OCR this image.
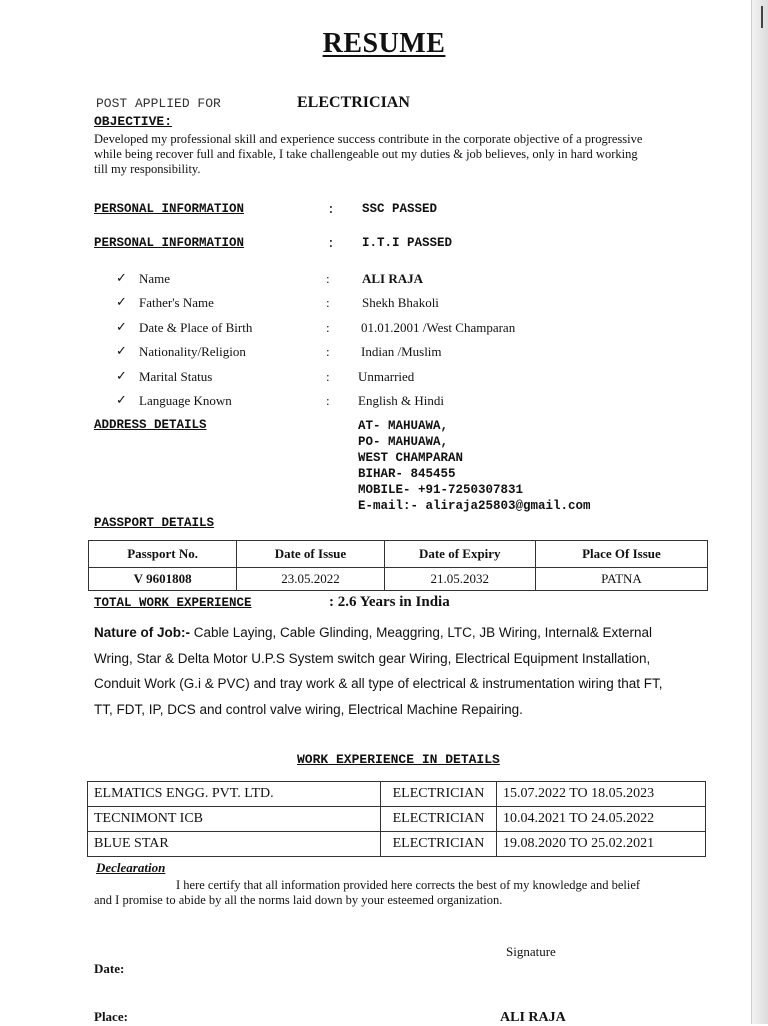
RESUME
POST APPLIED FOR	ELECTRICIAN
OBJECTIVE:
Developed my professional skill and experience success contribute in the corporate objective of a progressive while being recover full and fixable, I take challengeable out my duties & job believes, only in hard working till my responsibility.
PERSONAL INFORMATION	: SSC PASSED
PERSONAL INFORMATION	: I.T.I PASSED
✓ Name	: ALI RAJA
✓ Father's Name	: Shekh Bhakoli
✓ Date & Place of Birth	: 01.01.2001 /West Champaran
✓ Nationality/Religion	: Indian /Muslim
✓ Marital Status	: Unmarried
✓ Language Known	: English & Hindi
ADDRESS DETAILS	AT- MAHUAWA,
PO- MAHUAWA,
WEST CHAMPARAN
BIHAR- 845455
MOBILE- +91-7250307831
E-mail:- aliraja25803@gmail.com
PASSPORT DETAILS
Passport No.	Date of Issue	Date of Expiry	Place Of Issue
V 9601808	23.05.2022	21.05.2032	PATNA
TOTAL WORK EXPERIENCE	: 2.6 Years in India
Nature of Job:- Cable Laying, Cable Glinding, Meaggring, LTC, JB Wiring, Internal& External Wring, Star & Delta Motor U.P.S System switch gear Wiring, Electrical Equipment Installation, Conduit Work (G.i & PVC) and tray work & all type of electrical & instrumentation wiring that FT, TT, FDT, IP, DCS and control valve wiring, Electrical Machine Repairing.
WORK EXPERIENCE IN DETAILS
ELMATICS ENGG. PVT. LTD.	ELECTRICIAN	15.07.2022 TO 18.05.2023
TECNIMONT ICB	ELECTRICIAN	10.04.2021 TO 24.05.2022
BLUE STAR	ELECTRICIAN	19.08.2020 TO 25.02.2021
Declearation
I here certify that all information provided here corrects the best of my knowledge and belief and I promise to abide by all the norms laid down by your esteemed organization.
Signature
Date:
Place:	ALI RAJA
